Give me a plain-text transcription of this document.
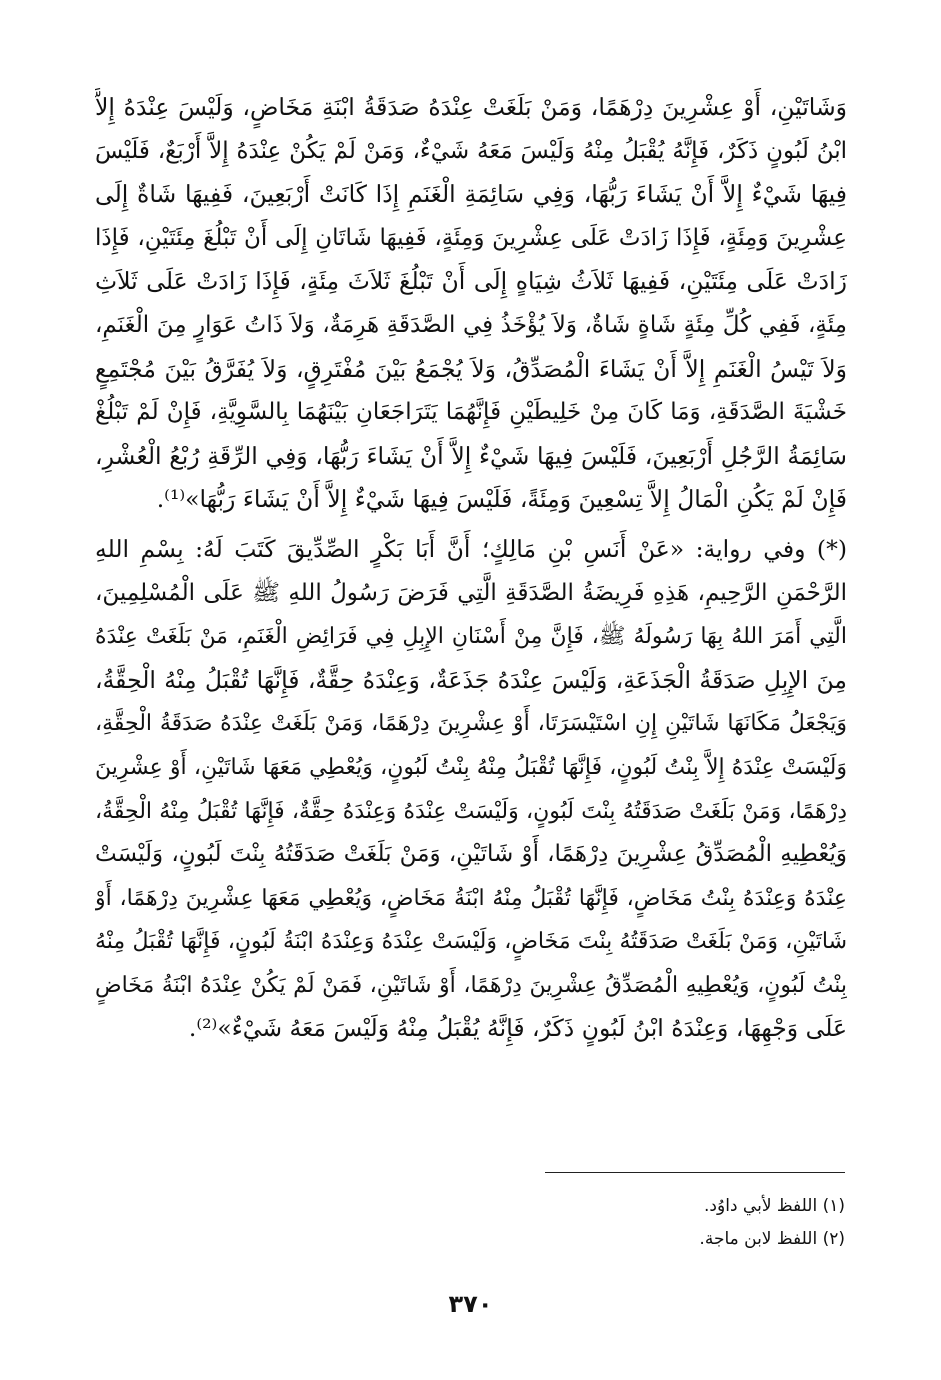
وَشَاتَيْنِ، أَوْ عِشْرِينَ دِرْهَمًا، وَمَنْ بَلَغَتْ عِنْدَهُ صَدَقَةُ ابْنَةِ مَخَاضٍ، وَلَيْسَ عِنْدَهُ إِلاَّ
ابْنُ لَبُونٍ ذَكَرٌ، فَإِنَّهُ يُقْبَلُ مِنْهُ وَلَيْسَ مَعَهُ شَيْءٌ، وَمَنْ لَمْ يَكُنْ عِنْدَهُ إِلاَّ أَرْبَعٌ، فَلَيْسَ
فِيهَا شَيْءٌ إِلاَّ أَنْ يَشَاءَ رَبُّهَا، وَفِي سَائِمَةِ الْغَنَمِ إِذَا كَانَتْ أَرْبَعِينَ، فَفِيهَا شَاةٌ إِلَى
عِشْرِينَ وَمِئَةٍ، فَإِذَا زَادَتْ عَلَى عِشْرِينَ وَمِئَةٍ، فَفِيهَا شَاتَانِ إِلَى أَنْ تَبْلُغَ مِئَتَيْنِ، فَإِذَا
زَادَتْ عَلَى مِئَتَيْنِ، فَفِيهَا ثَلاَثُ شِيَاهٍ إِلَى أَنْ تَبْلُغَ ثَلاَثَ مِئَةٍ، فَإِذَا زَادَتْ عَلَى ثَلاَثِ
مِئَةٍ، فَفِي كُلِّ مِئَةٍ شَاةٍ شَاةٌ، وَلاَ يُؤْخَذُ فِي الصَّدَقَةِ هَرِمَةٌ، وَلاَ ذَاتُ عَوَارٍ مِنَ الْغَنَمِ،
وَلاَ تَيْسُ الْغَنَمِ إِلاَّ أَنْ يَشَاءَ الْمُصَدِّقُ، وَلاَ يُجْمَعُ بَيْنَ مُفْتَرِقٍ، وَلاَ يُفَرَّقُ بَيْنَ مُجْتَمِعٍ
خَشْيَةَ الصَّدَقَةِ، وَمَا كَانَ مِنْ خَلِيطَيْنِ فَإِنَّهُمَا يَتَرَاجَعَانِ بَيْنَهُمَا بِالسَّوِيَّةِ، فَإِنْ لَمْ تَبْلُغْ
سَائِمَةُ الرَّجُلِ أَرْبَعِينَ، فَلَيْسَ فِيهَا شَيْءٌ إِلاَّ أَنْ يَشَاءَ رَبُّهَا، وَفِي الرِّقَةِ رُبْعُ الْعُشْرِ،
فَإِنْ لَمْ يَكُنِ الْمَالُ إِلاَّ تِسْعِينَ وَمِئَةً، فَلَيْسَ فِيهَا شَيْءٌ إِلاَّ أَنْ يَشَاءَ رَبُّهَا»⁽¹⁾.
(*) وفي رواية: «عَنْ أَنَسِ بْنِ مَالِكٍ؛ أَنَّ أَبَا بَكْرٍ الصِّدِّيقَ كَتَبَ لَهُ: بِسْمِ اللهِ
الرَّحْمَنِ الرَّحِيمِ، هَذِهِ فَرِيضَةُ الصَّدَقَةِ الَّتِي فَرَضَ رَسُولُ اللهِ ﷺ عَلَى الْمُسْلِمِينَ،
الَّتِي أَمَرَ اللهُ بِهَا رَسُولَهُ ﷺ، فَإِنَّ مِنْ أَسْنَانِ الإِبِلِ فِي فَرَائِضِ الْغَنَمِ، مَنْ بَلَغَتْ عِنْدَهُ
مِنَ الإِبِلِ صَدَقَةُ الْجَذَعَةِ، وَلَيْسَ عِنْدَهُ جَذَعَةٌ، وَعِنْدَهُ حِقَّةٌ، فَإِنَّهَا تُقْبَلُ مِنْهُ الْحِقَّةُ،
وَيَجْعَلُ مَكَانَهَا شَاتَيْنِ إِنِ اسْتَيْسَرَتَا، أَوْ عِشْرِينَ دِرْهَمًا، وَمَنْ بَلَغَتْ عِنْدَهُ صَدَقَةُ الْحِقَّةِ،
وَلَيْسَتْ عِنْدَهُ إِلاَّ بِنْتُ لَبُونٍ، فَإِنَّهَا تُقْبَلُ مِنْهُ بِنْتُ لَبُونٍ، وَيُعْطِي مَعَهَا شَاتَيْنِ، أَوْ عِشْرِينَ
دِرْهَمًا، وَمَنْ بَلَغَتْ صَدَقَتُهُ بِنْتَ لَبُونٍ، وَلَيْسَتْ عِنْدَهُ وَعِنْدَهُ حِقَّةٌ، فَإِنَّهَا تُقْبَلُ مِنْهُ الْحِقَّةُ،
وَيُعْطِيهِ الْمُصَدِّقُ عِشْرِينَ دِرْهَمًا، أَوْ شَاتَيْنِ، وَمَنْ بَلَغَتْ صَدَقَتُهُ بِنْتَ لَبُونٍ، وَلَيْسَتْ
عِنْدَهُ وَعِنْدَهُ بِنْتُ مَخَاضٍ، فَإِنَّهَا تُقْبَلُ مِنْهُ ابْنَةُ مَخَاضٍ، وَيُعْطِي مَعَهَا عِشْرِينَ دِرْهَمًا، أَوْ
شَاتَيْنِ، وَمَنْ بَلَغَتْ صَدَقَتُهُ بِنْتَ مَخَاضٍ، وَلَيْسَتْ عِنْدَهُ وَعِنْدَهُ ابْنَةُ لَبُونٍ، فَإِنَّهَا تُقْبَلُ مِنْهُ
بِنْتُ لَبُونٍ، وَيُعْطِيهِ الْمُصَدِّقُ عِشْرِينَ دِرْهَمًا، أَوْ شَاتَيْنِ، فَمَنْ لَمْ يَكُنْ عِنْدَهُ ابْنَةُ مَخَاضٍ
عَلَى وَجْهِهَا، وَعِنْدَهُ ابْنُ لَبُونٍ ذَكَرٌ، فَإِنَّهُ يُقْبَلُ مِنْهُ وَلَيْسَ مَعَهُ شَيْءٌ»⁽²⁾.
(١) اللفظ لأبي داوُد.
(٢) اللفظ لابن ماجة.
٣٧٠
